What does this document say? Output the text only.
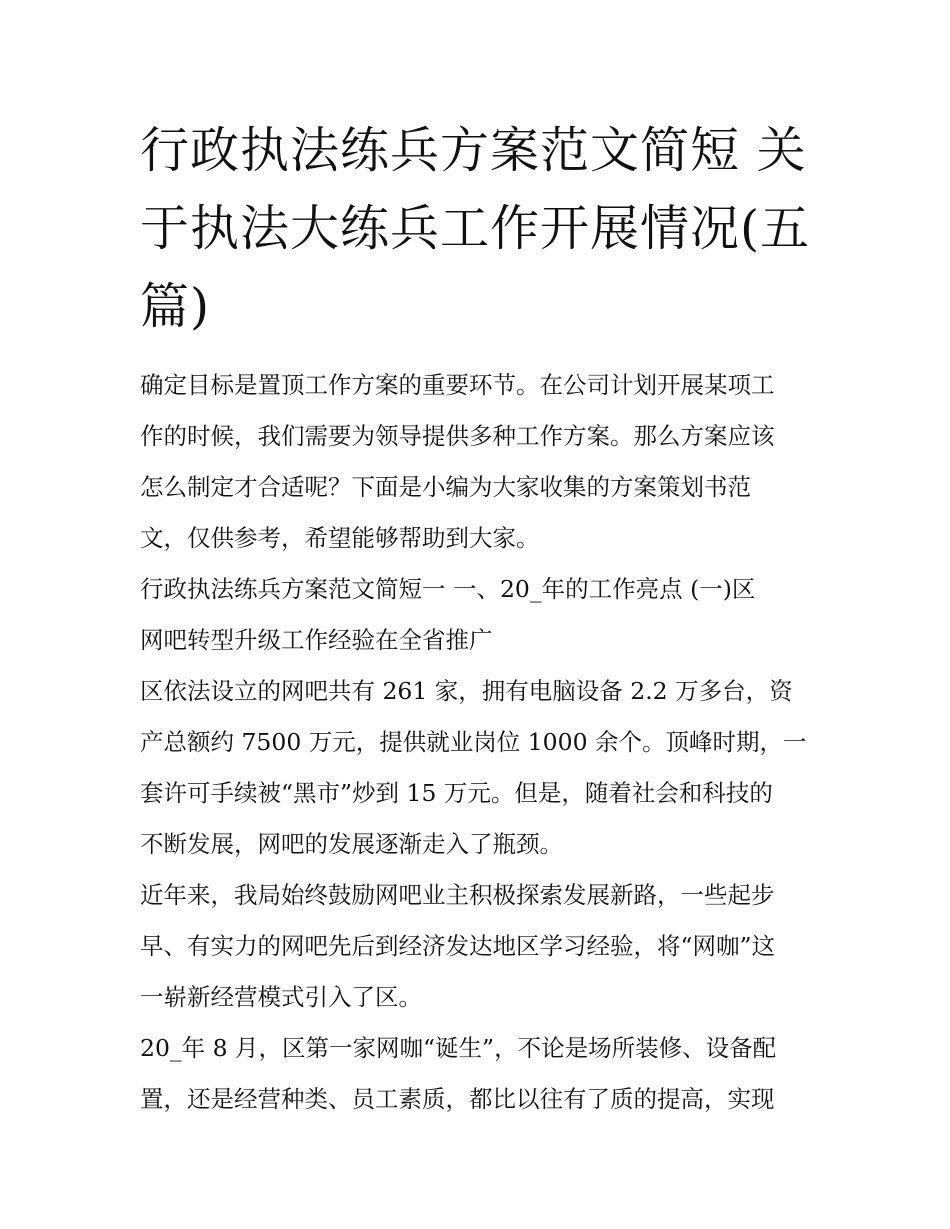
行政执法练兵方案范文简短 关
于执法大练兵工作开展情况(五
篇)

确定目标是置顶工作方案的重要环节。在公司计划开展某项工
作的时候，我们需要为领导提供多种工作方案。那么方案应该
怎么制定才合适呢？下面是小编为大家收集的方案策划书范
文，仅供参考，希望能够帮助到大家。

行政执法练兵方案范文简短一 一、20_年的工作亮点 (一)区
网吧转型升级工作经验在全省推广

区依法设立的网吧共有 261 家，拥有电脑设备 2.2 万多台，资
产总额约 7500 万元，提供就业岗位 1000 余个。顶峰时期，一
套许可手续被“黑市”炒到 15 万元。但是，随着社会和科技的
不断发展，网吧的发展逐渐走入了瓶颈。

近年来，我局始终鼓励网吧业主积极探索发展新路，一些起步
早、有实力的网吧先后到经济发达地区学习经验，将“网咖”这
一崭新经营模式引入了区。

20_年 8 月，区第一家网咖“诞生”，不论是场所装修、设备配
置，还是经营种类、员工素质，都比以往有了质的提高，实现
